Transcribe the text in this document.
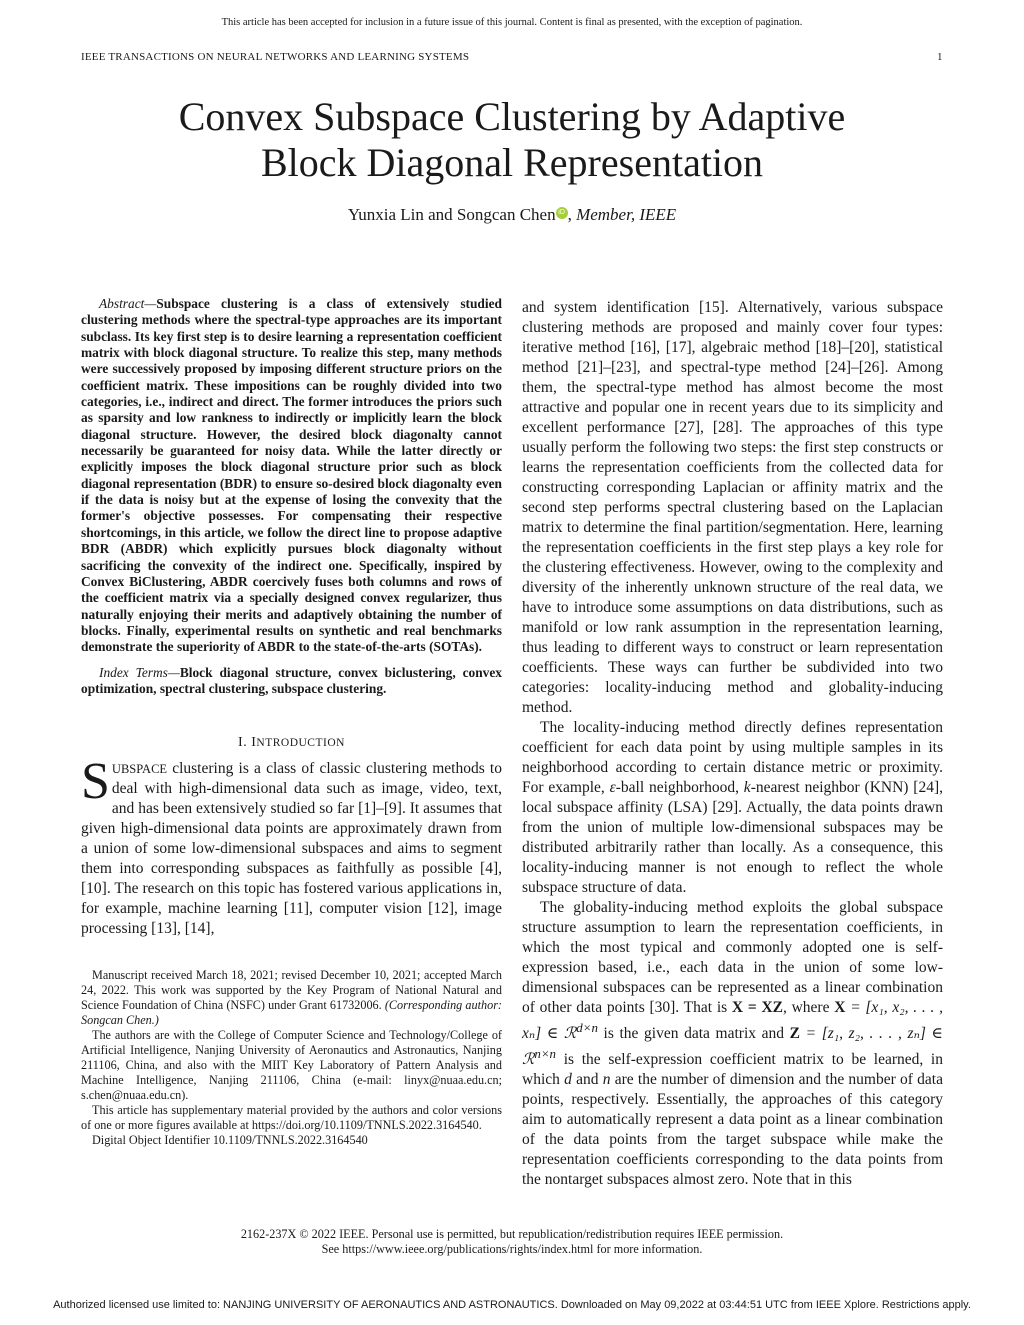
This article has been accepted for inclusion in a future issue of this journal. Content is final as presented, with the exception of pagination.
IEEE TRANSACTIONS ON NEURAL NETWORKS AND LEARNING SYSTEMS	1
Convex Subspace Clustering by Adaptive
Block Diagonal Representation
Yunxia Lin and Songcan Chen iD , Member, IEEE

Abstract—Subspace clustering is a class of extensively studied clustering methods where the spectral-type approaches are its important subclass. Its key first step is to desire learning a representation coefficient matrix with block diagonal structure. To realize this step, many methods were successively proposed by imposing different structure priors on the coefficient matrix. These impositions can be roughly divided into two categories, i.e., indirect and direct. The former introduces the priors such as sparsity and low rankness to indirectly or implicitly learn the block diagonal structure. However, the desired block diagonalty cannot necessarily be guaranteed for noisy data. While the latter directly or explicitly imposes the block diagonal structure prior such as block diagonal representation (BDR) to ensure so-desired block diagonalty even if the data is noisy but at the expense of losing the convexity that the former's objective possesses. For compensating their respective shortcomings, in this article, we follow the direct line to propose adaptive BDR (ABDR) which explicitly pursues block diagonalty without sacrificing the convexity of the indirect one. Specifically, inspired by Convex BiClustering, ABDR coercively fuses both columns and rows of the coefficient matrix via a specially designed convex regularizer, thus naturally enjoying their merits and adaptively obtaining the number of blocks. Finally, experimental results on synthetic and real benchmarks demonstrate the superiority of ABDR to the state-of-the-arts (SOTAs).

Index Terms—Block diagonal structure, convex biclustering, convex optimization, spectral clustering, subspace clustering.

I. INTRODUCTION

SUBSPACE clustering is a class of classic clustering methods to deal with high-dimensional data such as image, video, text, and has been extensively studied so far [1]–[9]. It assumes that given high-dimensional data points are approximately drawn from a union of some low-dimensional subspaces and aims to segment them into corresponding subspaces as faithfully as possible [4], [10]. The research on this topic has fostered various applications in, for example, machine learning [11], computer vision [12], image processing [13], [14],

Manuscript received March 18, 2021; revised December 10, 2021; accepted March 24, 2022. This work was supported by the Key Program of National Natural and Science Foundation of China (NSFC) under Grant 61732006. (Corresponding author: Songcan Chen.)

The authors are with the College of Computer Science and Technology/College of Artificial Intelligence, Nanjing University of Aeronautics and Astronautics, Nanjing 211106, China, and also with the MIIT Key Laboratory of Pattern Analysis and Machine Intelligence, Nanjing 211106, China (e-mail: linyx@nuaa.edu.cn; s.chen@nuaa.edu.cn).

This article has supplementary material provided by the authors and color versions of one or more figures available at https://doi.org/10.1109/TNNLS.2022.3164540.

Digital Object Identifier 10.1109/TNNLS.2022.3164540

and system identification [15]. Alternatively, various subspace clustering methods are proposed and mainly cover four types: iterative method [16], [17], algebraic method [18]–[20], statistical method [21]–[23], and spectral-type method [24]–[26]. Among them, the spectral-type method has almost become the most attractive and popular one in recent years due to its simplicity and excellent performance [27], [28]. The approaches of this type usually perform the following two steps: the first step constructs or learns the representation coefficients from the collected data for constructing corresponding Laplacian or affinity matrix and the second step performs spectral clustering based on the Laplacian matrix to determine the final partition/segmentation. Here, learning the representation coefficients in the first step plays a key role for the clustering effectiveness. However, owing to the complexity and diversity of the inherently unknown structure of the real data, we have to introduce some assumptions on data distributions, such as manifold or low rank assumption in the representation learning, thus leading to different ways to construct or learn representation coefficients. These ways can further be subdivided into two categories: locality-inducing method and globality-inducing method.

The locality-inducing method directly defines representation coefficient for each data point by using multiple samples in its neighborhood according to certain distance metric or proximity. For example, ε-ball neighborhood, k-nearest neighbor (KNN) [24], local subspace affinity (LSA) [29]. Actually, the data points drawn from the union of multiple low-dimensional subspaces may be distributed arbitrarily rather than locally. As a consequence, this locality-inducing manner is not enough to reflect the whole subspace structure of data.

The globality-inducing method exploits the global subspace structure assumption to learn the representation coefficients, in which the most typical and commonly adopted one is self-expression based, i.e., each data in the union of some low-dimensional subspaces can be represented as a linear combination of other data points [30]. That is X = XZ, where X = [x₁, x₂, . . . , xₙ] ∈ ℛ$^{d\times n}$ is the given data matrix and Z = [z₁, z₂, . . . , zₙ] ∈ ℛ$^{n\times n}$ is the self-expression coefficient matrix to be learned, in which d and n are the number of dimension and the number of data points, respectively. Essentially, the approaches of this category aim to automatically represent a data point as a linear combination of the data points from the target subspace while make the representation coefficients corresponding to the data points from the nontarget subspaces almost zero. Note that in this

2162-237X © 2022 IEEE. Personal use is permitted, but republication/redistribution requires IEEE permission.
See https://www.ieee.org/publications/rights/index.html for more information.
Authorized licensed use limited to: NANJING UNIVERSITY OF AERONAUTICS AND ASTRONAUTICS. Downloaded on May 09,2022 at 03:44:51 UTC from IEEE Xplore. Restrictions apply.
